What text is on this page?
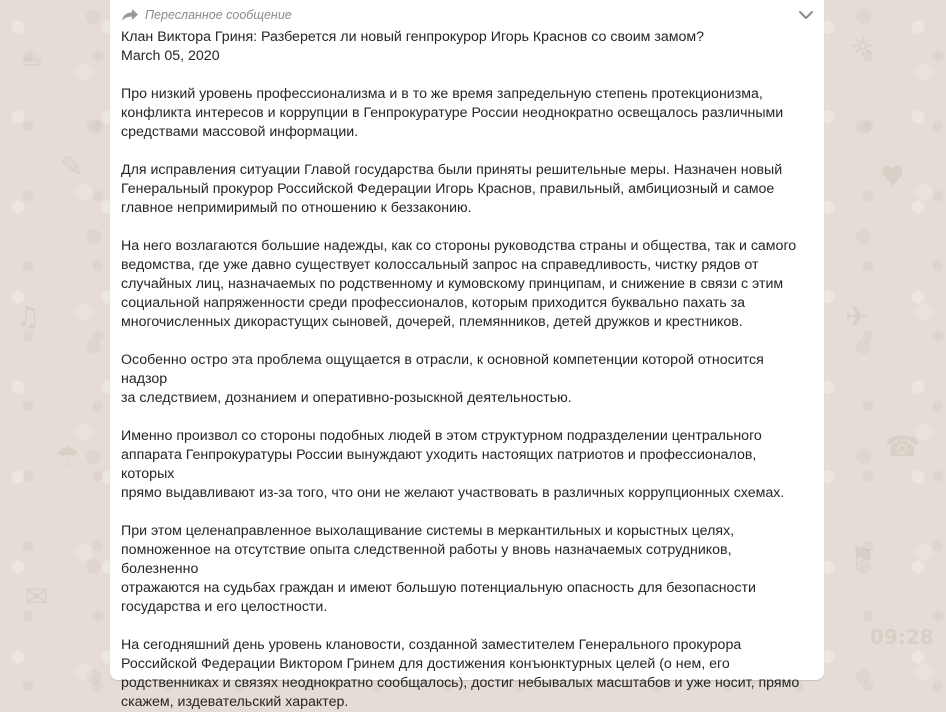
☕
✎
♫
☂
✉
☼
♥
✈
☎
⚑
09:28
Пересланное сообщение
Клан Виктора Гриня: Разберется ли новый генпрокурор Игорь Краснов со своим замом?
March 05, 2020
Про низкий уровень профессионализма и в то же время запредельную степень протекционизма,
конфликта интересов и коррупции в Генпрокуратуре России неоднократно освещалось различными
средствами массовой информации.
Для исправления ситуации Главой государства были приняты решительные меры. Назначен новый
Генеральный прокурор Российской Федерации Игорь Краснов, правильный, амбициозный и самое
главное непримиримый по отношению к беззаконию.
На него возлагаются большие надежды, как со стороны руководства страны и общества, так и самого
ведомства, где уже давно существует колоссальный запрос на справедливость, чистку рядов от
случайных лиц, назначаемых по родственному и кумовскому принципам, и снижение в связи с этим
социальной напряженности среди профессионалов, которым приходится буквально пахать за
многочисленных дикорастущих сыновей, дочерей, племянников, детей дружков и крестников.
Особенно остро эта проблема ощущается в отрасли, к основной компетенции которой относится надзор
за следствием, дознанием и оперативно-розыскной деятельностью.
Именно произвол со стороны подобных людей в этом структурном подразделении центрального
аппарата Генпрокуратуры России вынуждают уходить настоящих патриотов и профессионалов, которых
прямо выдавливают из-за того, что они не желают участвовать в различных коррупционных схемах.
При этом целенаправленное выхолащивание системы в меркантильных и корыстных целях,
помноженное на отсутствие опыта следственной работы у вновь назначаемых сотрудников, болезненно
отражаются на судьбах граждан и имеют большую потенциальную опасность для безопасности
государства и его целостности.
На сегодняшний день уровень клановости, созданной заместителем Генерального прокурора
Российской Федерации Виктором Гринем для достижения конъюнктурных целей (о нем, его
родственниках и связях неоднократно сообщалось), достиг небывалых масштабов и уже носит, прямо
скажем, издевательский характер.
